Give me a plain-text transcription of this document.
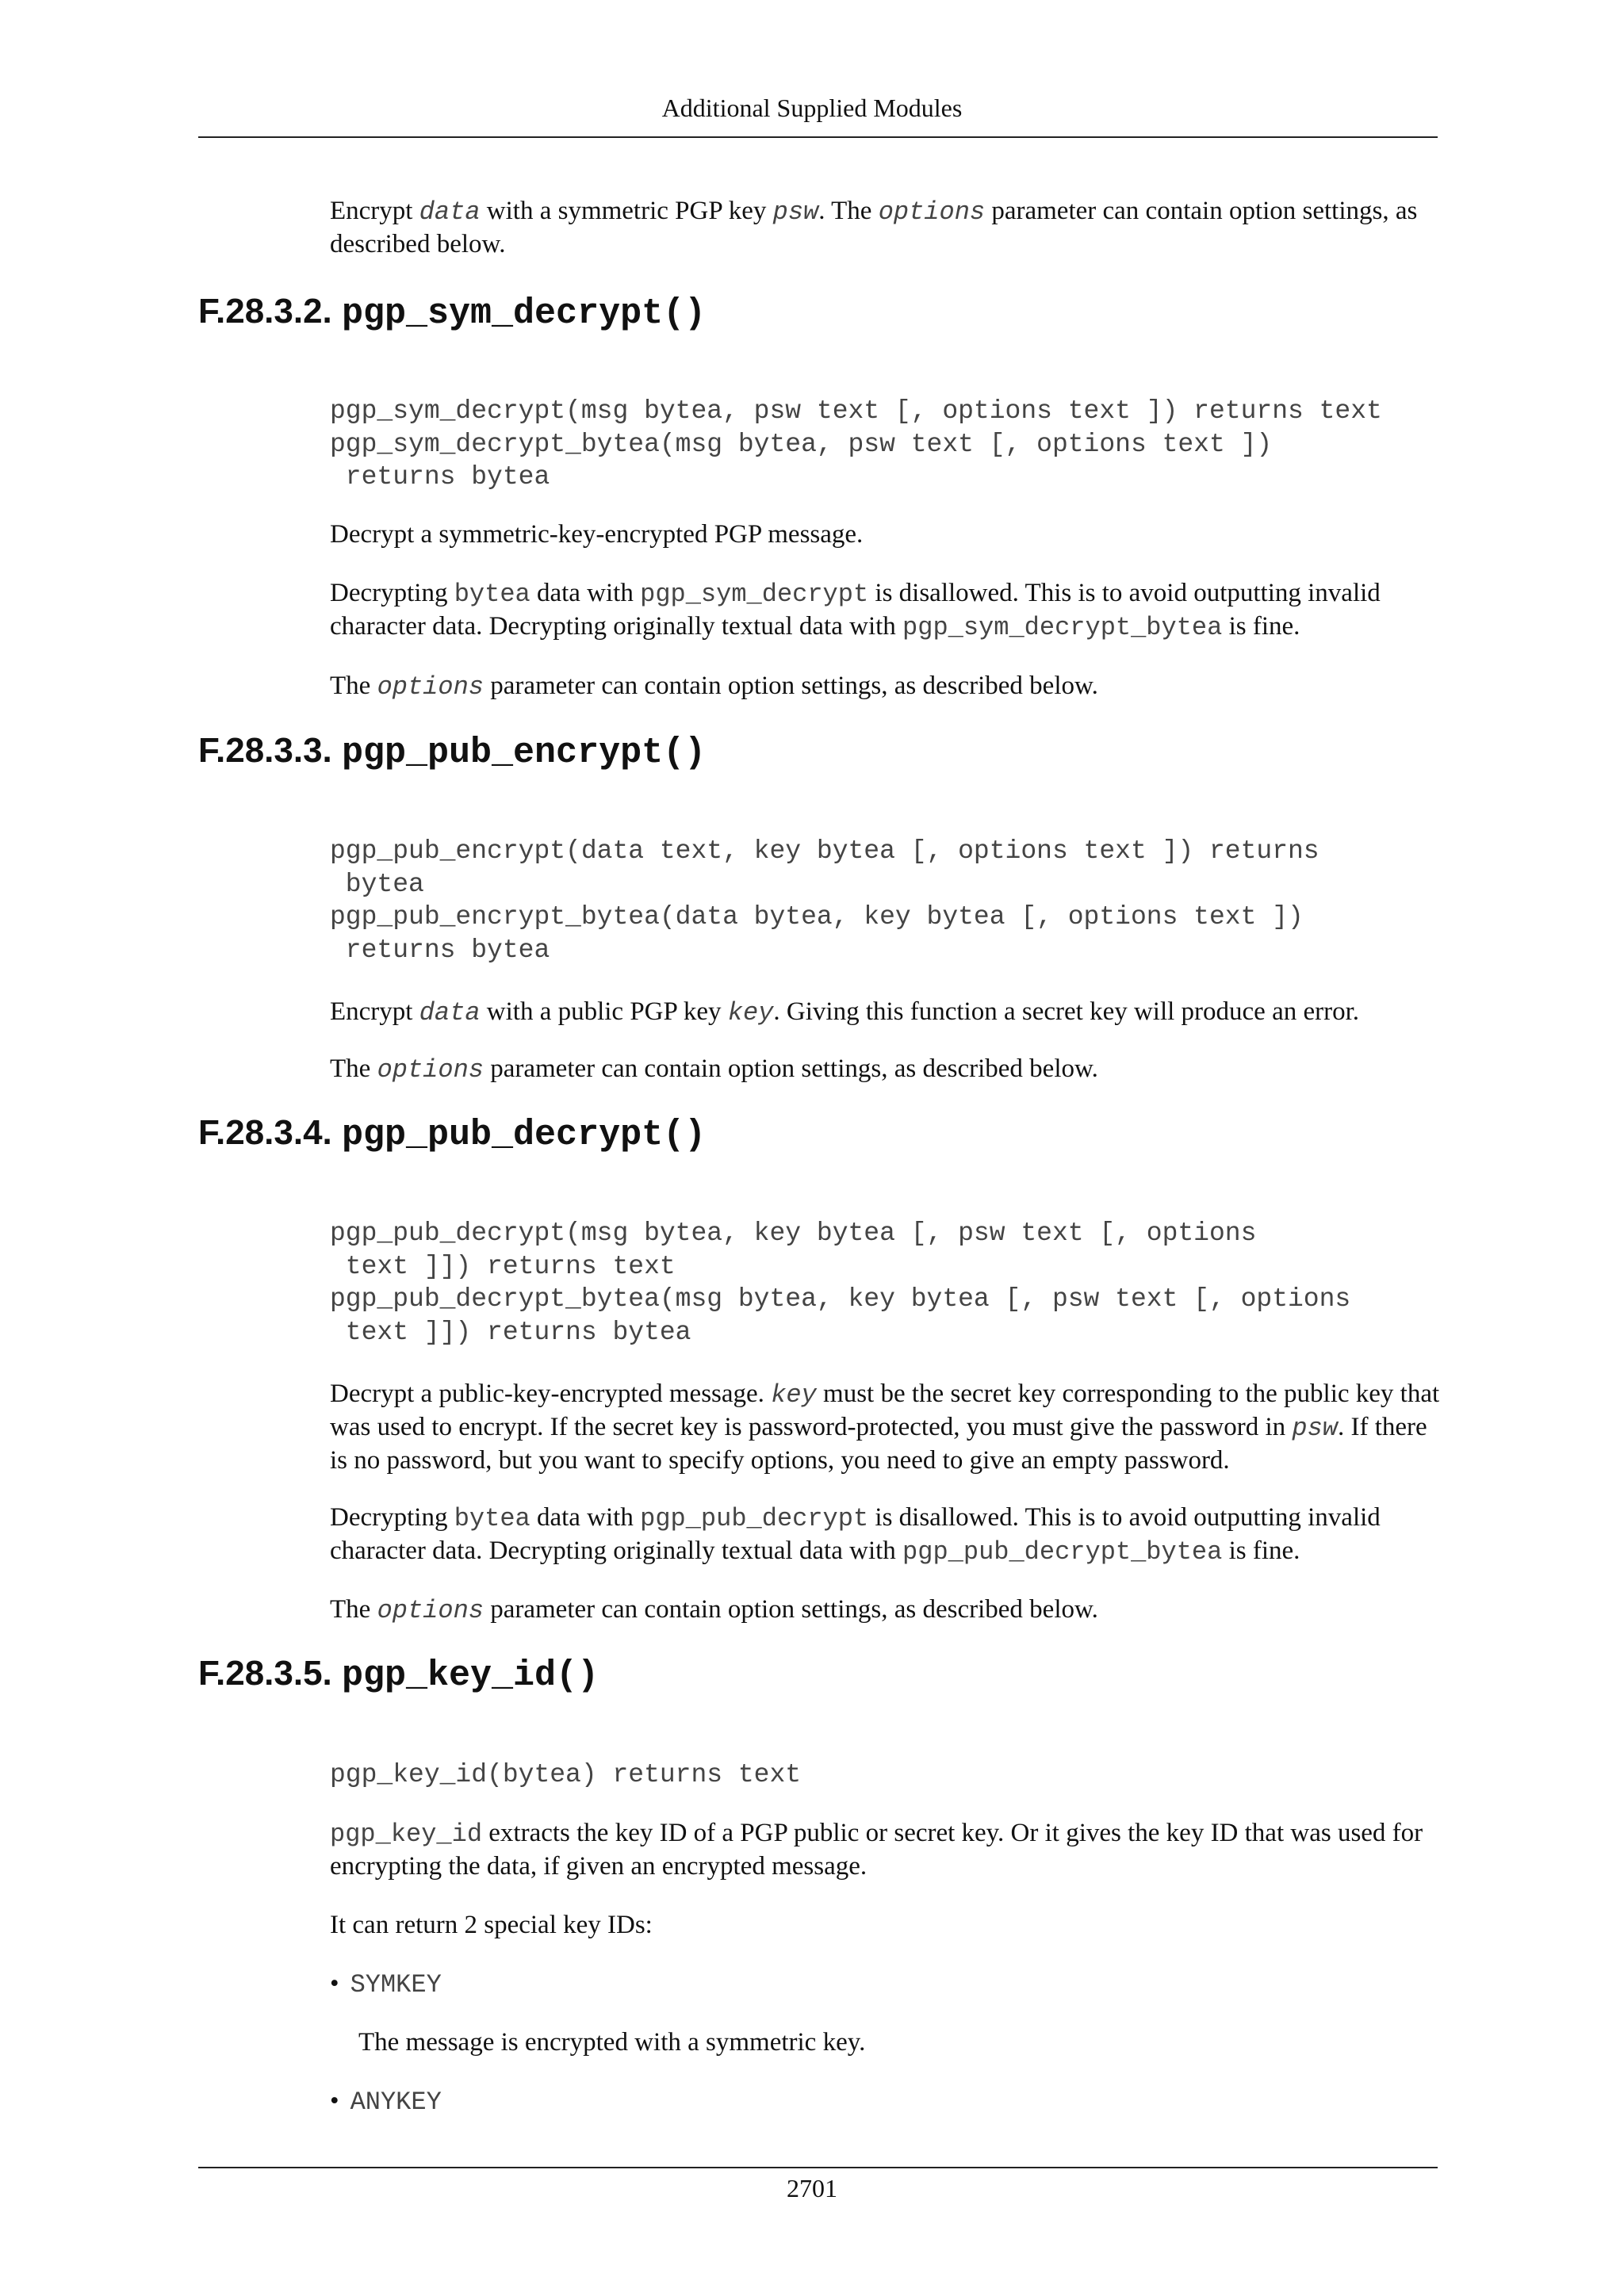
Additional Supplied Modules

Encrypt data with a symmetric PGP key psw. The options parameter can contain option settings, as described below.

F.28.3.2. pgp_sym_decrypt()
pgp_sym_decrypt(msg bytea, psw text [, options text ]) returns text
pgp_sym_decrypt_bytea(msg bytea, psw text [, options text ])
returns bytea

Decrypt a symmetric-key-encrypted PGP message.

Decrypting bytea data with pgp_sym_decrypt is disallowed. This is to avoid outputting invalid character data. Decrypting originally textual data with pgp_sym_decrypt_bytea is fine.

The options parameter can contain option settings, as described below.

F.28.3.3. pgp_pub_encrypt()
pgp_pub_encrypt(data text, key bytea [, options text ]) returns
bytea
pgp_pub_encrypt_bytea(data bytea, key bytea [, options text ])
returns bytea

Encrypt data with a public PGP key key. Giving this function a secret key will produce an error.

The options parameter can contain option settings, as described below.

F.28.3.4. pgp_pub_decrypt()
pgp_pub_decrypt(msg bytea, key bytea [, psw text [, options
text ]]) returns text
pgp_pub_decrypt_bytea(msg bytea, key bytea [, psw text [, options
text ]]) returns bytea

Decrypt a public-key-encrypted message. key must be the secret key corresponding to the public key that was used to encrypt. If the secret key is password-protected, you must give the password in psw. If there is no password, but you want to specify options, you need to give an empty password.

Decrypting bytea data with pgp_pub_decrypt is disallowed. This is to avoid outputting invalid character data. Decrypting originally textual data with pgp_pub_decrypt_bytea is fine.

The options parameter can contain option settings, as described below.

F.28.3.5. pgp_key_id()
pgp_key_id(bytea) returns text

pgp_key_id extracts the key ID of a PGP public or secret key. Or it gives the key ID that was used for encrypting the data, if given an encrypted message.

It can return 2 special key IDs:

• SYMKEY

The message is encrypted with a symmetric key.

• ANYKEY
2701
